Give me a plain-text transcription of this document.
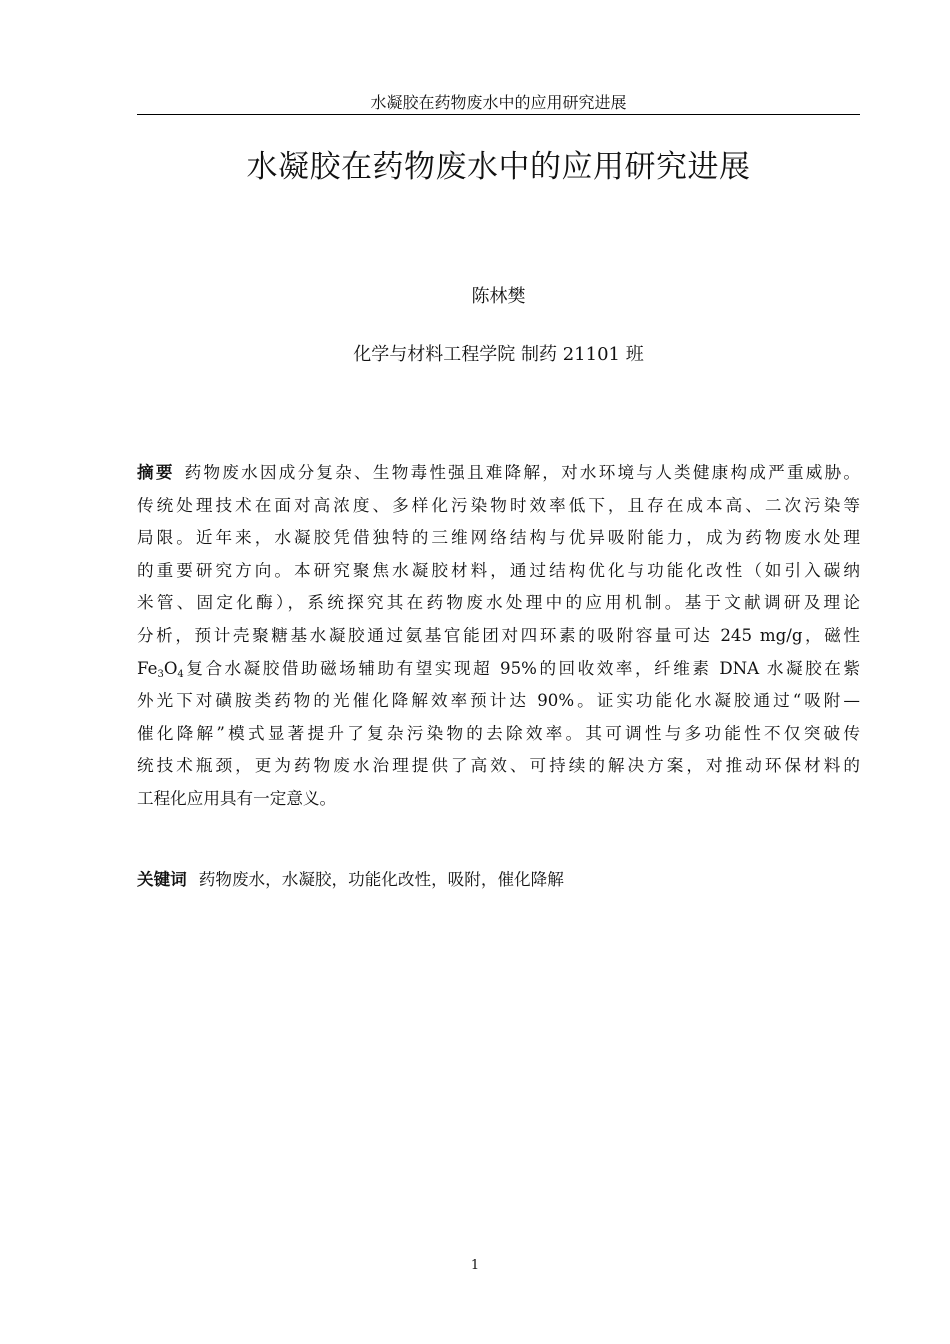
水凝胶在药物废水中的应用研究进展
水凝胶在药物废水中的应用研究进展
陈林樊
化学与材料工程学院 制药 21101 班
摘要 药物废水因成分复杂、生物毒性强且难降解，对水环境与人类健康构成严重威胁。
传统处理技术在面对高浓度、多样化污染物时效率低下，且存在成本高、二次污染等
局限。近年来，水凝胶凭借独特的三维网络结构与优异吸附能力，成为药物废水处理
的重要研究方向。本研究聚焦水凝胶材料，通过结构优化与功能化改性（如引入碳纳
米管、固定化酶），系统探究其在药物废水处理中的应用机制。基于文献调研及理论
分析，预计壳聚糖基水凝胶通过氨基官能团对四环素的吸附容量可达 245 mg/g，磁性
$Fe_3O_4$复合水凝胶借助磁场辅助有望实现超 95%的回收效率，纤维素 DNA 水凝胶在紫
外光下对磺胺类药物的光催化降解效率预计达 90%。证实功能化水凝胶通过“吸附—
催化降解”模式显著提升了复杂污染物的去除效率。其可调性与多功能性不仅突破传
统技术瓶颈，更为药物废水治理提供了高效、可持续的解决方案，对推动环保材料的
工程化应用具有一定意义。
关键词 药物废水，水凝胶，功能化改性，吸附，催化降解
1
